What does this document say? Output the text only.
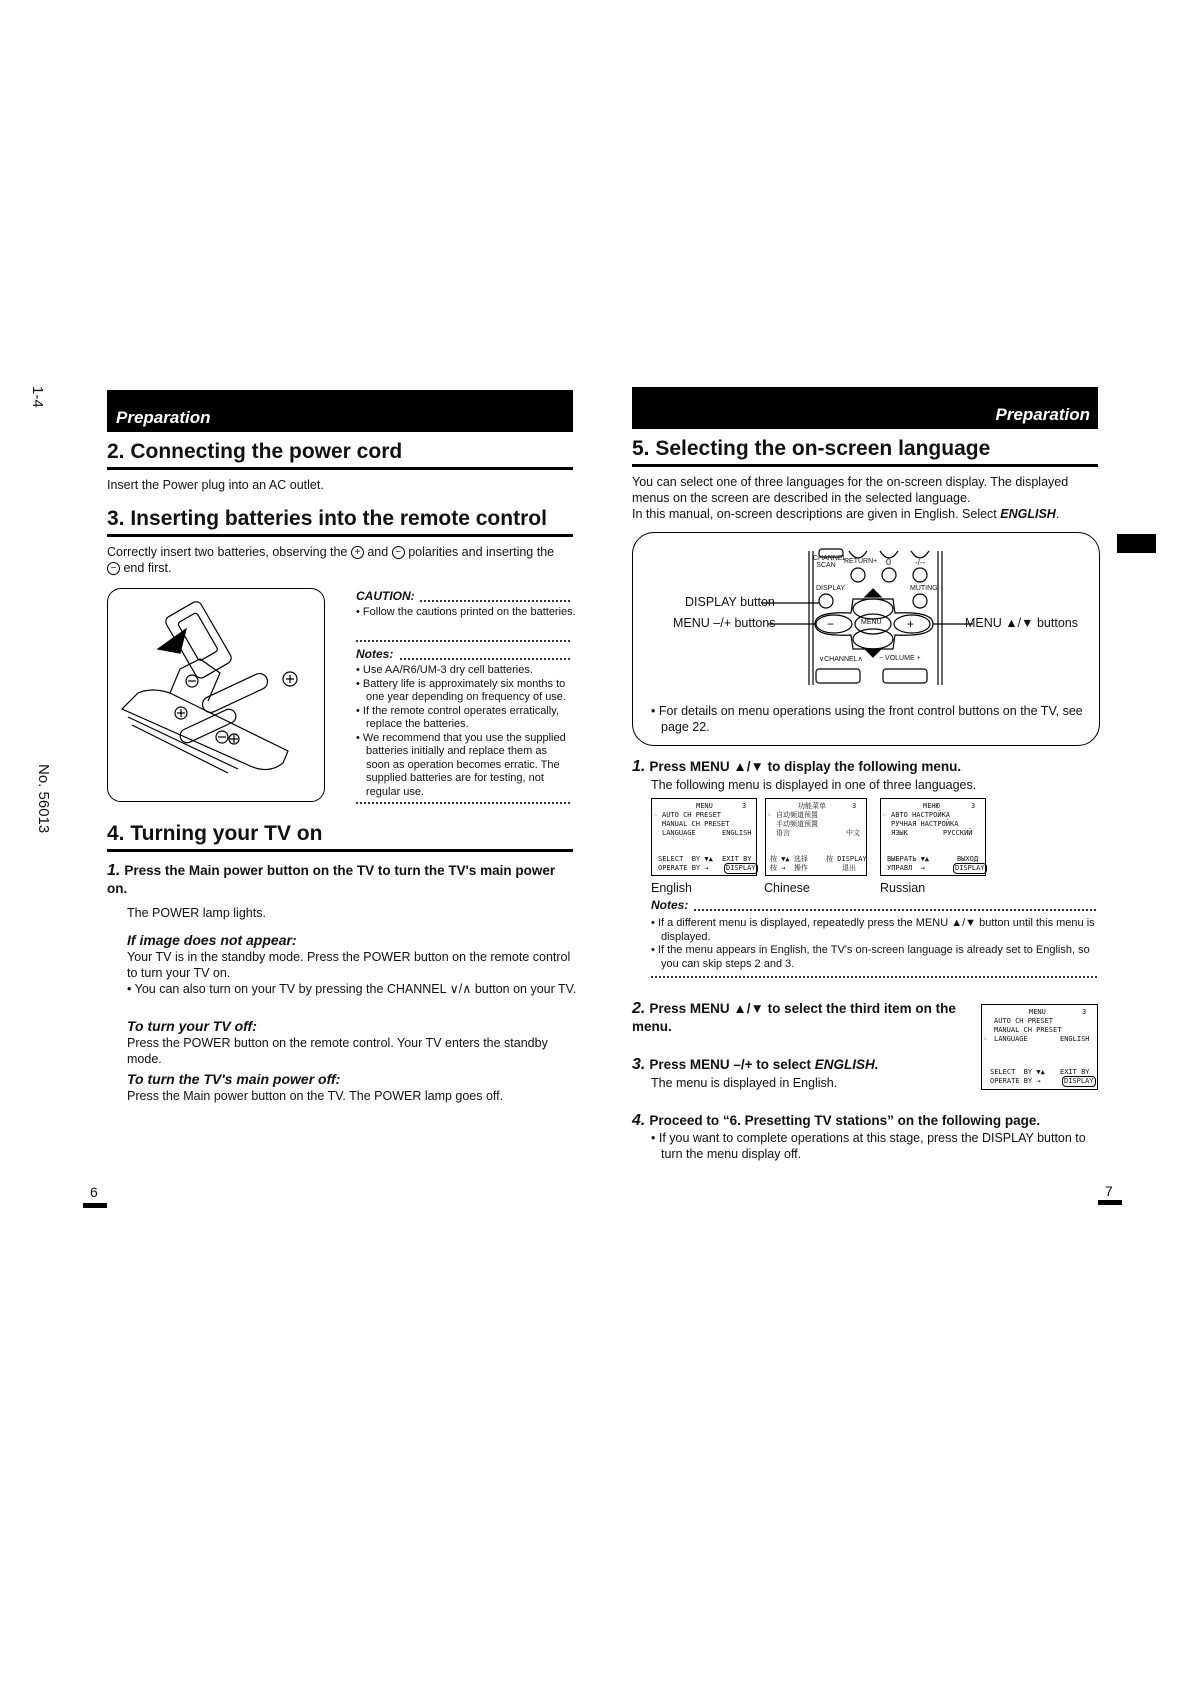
1-4
No. 56013
Preparation
2. Connecting the power cord
Insert the Power plug into an AC outlet.
3. Inserting batteries into the remote control
Correctly insert two batteries, observing the + and − polarities and inserting the
− end first.
CAUTION:
• Follow the cautions printed on the batteries.
Notes:
• Use AA/R6/UM-3 dry cell batteries.
• Battery life is approximately six months to one year depending on frequency of use.
• If the remote control operates erratically, replace the batteries.
• We recommend that you use the supplied batteries initially and replace them as soon as operation becomes erratic. The supplied batteries are for testing, not regular use.
4. Turning your TV on
1. Press the Main power button on the TV to turn the TV's main power on.
The POWER lamp lights.
If image does not appear:
Your TV is in the standby mode. Press the POWER button on the remote control to turn your TV on.
• You can also turn on your TV by pressing the CHANNEL ∨/∧ button on your TV.
To turn your TV off:
Press the POWER button on the remote control. Your TV enters the standby mode.
To turn the TV's main power off:
Press the Main power button on the TV. The POWER lamp goes off.
6
Preparation
5. Selecting the on-screen language
You can select one of three languages for the on-screen display. The displayed menus on the screen are described in the selected language.
In this manual, on-screen descriptions are given in English. Select ENGLISH.
−	+
CHANNEL SCAN
RETURN+ 0	-/--
DISPLAY	MUTING
MENU
∨CHANNEL∧ − VOLUME +
DISPLAY button
MENU –/+ buttons	MENU ▲/▼ buttons
• For details on menu operations using the front control buttons on the TV, see page 22.
1. Press MENU ▲/▼ to display the following menu.
The following menu is displayed in one of three languages.
MENU	3
☞ AUTO CH PRESET
MANUAL CH PRESET
LANGUAGE	ENGLISH
SELECT  BY ▼▲ EXIT BY
OPERATE BY → DISPLAY
功能菜单	3
☞ 自动频道预置
手动频道预置
语言	中文
按 ▼▲ 选择	按 DISPLAY
按 →  操作	退出
МЕНЮ	3
☞ АВТО НАСТРОЙКА
РУЧНАЯ НАСТРОЙКА
ЯЗЫК	РУССКИЙ
ВЫБРАТЬ ▼▲	ВЫХОД
УПРАВЛ  →	DISPLAY
English	Chinese	Russian
Notes:
• If a different menu is displayed, repeatedly press the MENU ▲/▼ button until this menu is displayed.
• If the menu appears in English, the TV's on-screen language is already set to English, so you can skip steps 2 and 3.
2. Press MENU ▲/▼ to select the third item on the menu.
3. Press MENU –/+ to select ENGLISH.
The menu is displayed in English.
MENU	3
AUTO CH PRESET
MANUAL CH PRESET
☞ LANGUAGE	ENGLISH
SELECT  BY ▼▲ EXIT BY
OPERATE BY →	DISPLAY
4. Proceed to “6. Presetting TV stations” on the following page.
• If you want to complete operations at this stage, press the DISPLAY button to turn the menu display off.
7
